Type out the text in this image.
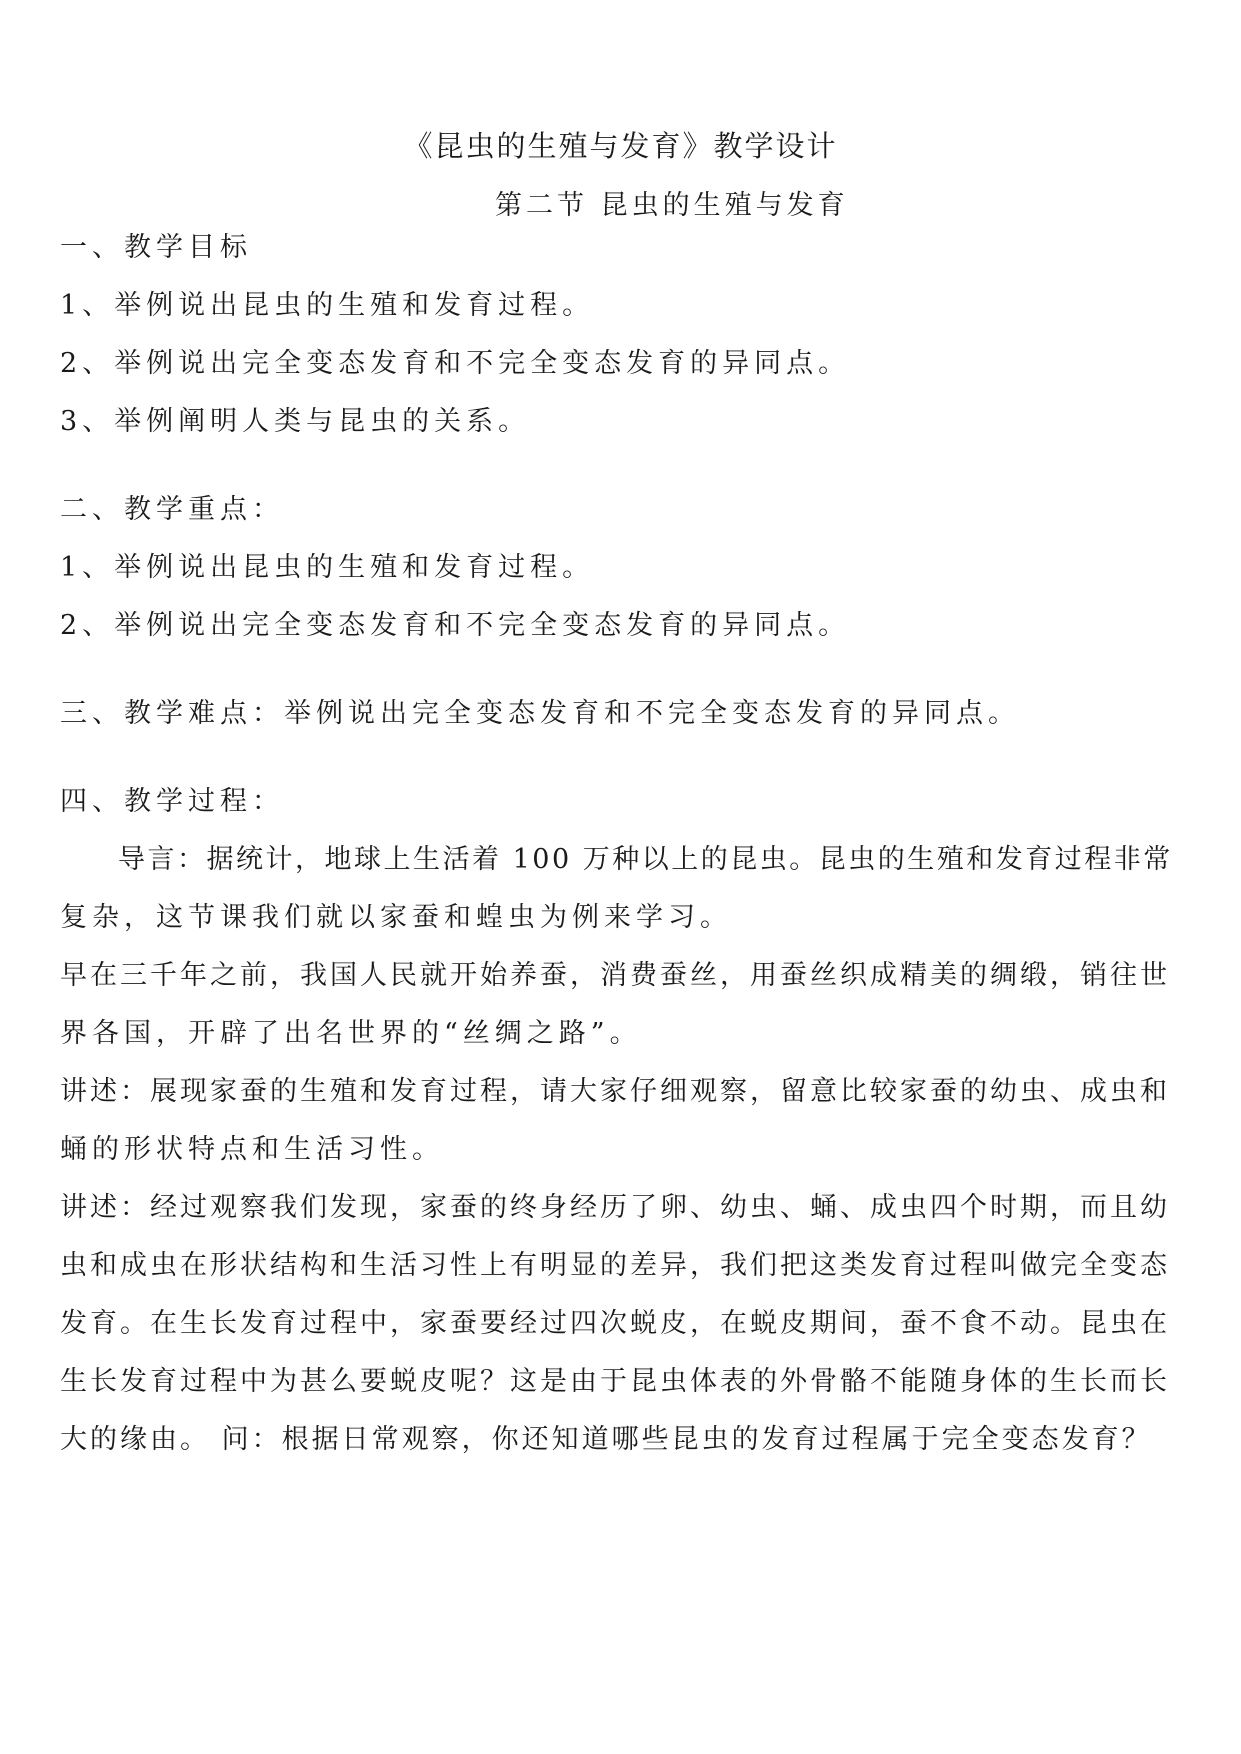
《昆虫的生殖与发育》教学设计
第二节 昆虫的生殖与发育
一、教学目标
1、举例说出昆虫的生殖和发育过程。
2、举例说出完全变态发育和不完全变态发育的异同点。
3、举例阐明人类与昆虫的关系。
二、教学重点：
1、举例说出昆虫的生殖和发育过程。
2、举例说出完全变态发育和不完全变态发育的异同点。
三、教学难点：举例说出完全变态发育和不完全变态发育的异同点。
四、教学过程：
导言：据统计，地球上生活着 100 万种以上的昆虫。昆虫的生殖和发育过程非常
复杂，这节课我们就以家蚕和蝗虫为例来学习。
早在三千年之前，我国人民就开始养蚕，消费蚕丝，用蚕丝织成精美的绸缎，销往世
界各国，开辟了出名世界的“丝绸之路”。
讲述：展现家蚕的生殖和发育过程，请大家仔细观察，留意比较家蚕的幼虫、成虫和
蛹的形状特点和生活习性。
讲述：经过观察我们发现，家蚕的终身经历了卵、幼虫、蛹、成虫四个时期，而且幼
虫和成虫在形状结构和生活习性上有明显的差异，我们把这类发育过程叫做完全变态
发育。在生长发育过程中，家蚕要经过四次蜕皮，在蜕皮期间，蚕不食不动。昆虫在
生长发育过程中为甚么要蜕皮呢？这是由于昆虫体表的外骨骼不能随身体的生长而长
大的缘由。 问：根据日常观察，你还知道哪些昆虫的发育过程属于完全变态发育？
